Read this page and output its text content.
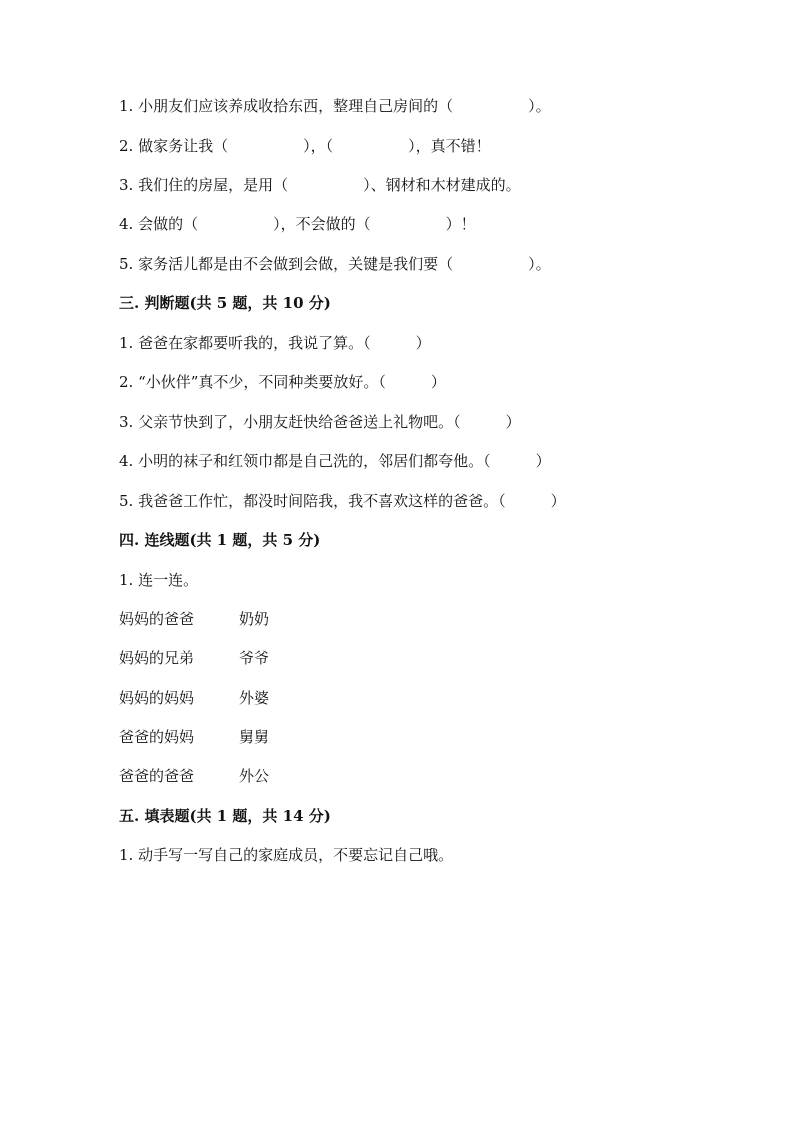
1. 小朋友们应该养成收拾东西，整理自己房间的（　　　　　）。
2. 做家务让我（　　　　　），（　　　　　），真不错！
3. 我们住的房屋，是用（　　　　　）、钢材和木材建成的。
4. 会做的（　　　　　），不会做的（　　　　　）！
5. 家务活儿都是由不会做到会做，关键是我们要（　　　　　）。
三. 判断题(共 5 题，共 10 分)
1. 爸爸在家都要听我的，我说了算。（　　　）
2. “小伙伴”真不少，不同种类要放好。（　　　）
3. 父亲节快到了，小朋友赶快给爸爸送上礼物吧。（　　　）
4. 小明的袜子和红领巾都是自己洗的，邻居们都夸他。（　　　）
5. 我爸爸工作忙，都没时间陪我，我不喜欢这样的爸爸。（　　　）
四. 连线题(共 1 题，共 5 分)
1. 连一连。
妈妈的爸爸	奶奶
妈妈的兄弟	爷爷
妈妈的妈妈	外婆
爸爸的妈妈	舅舅
爸爸的爸爸	外公
五. 填表题(共 1 题，共 14 分)
1. 动手写一写自己的家庭成员，不要忘记自己哦。
